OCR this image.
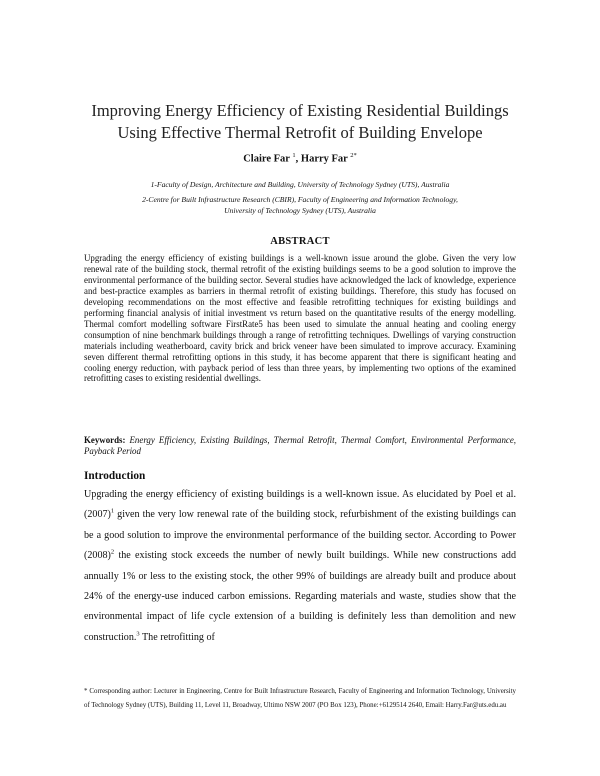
Improving Energy Efficiency of Existing Residential Buildings
Using Effective Thermal Retrofit of Building Envelope
Claire Far $^1$, Harry Far $^{2*}$
1-Faculty of Design, Architecture and Building, University of Technology Sydney (UTS), Australia
2-Centre for Built Infrastructure Research (CBIR), Faculty of Engineering and Information Technology,
University of Technology Sydney (UTS), Australia
ABSTRACT
Upgrading the energy efficiency of existing buildings is a well-known issue around the globe. Given the very low renewal rate of the building stock, thermal retrofit of the existing buildings seems to be a good solution to improve the environmental performance of the building sector. Several studies have acknowledged the lack of knowledge, experience and best-practice examples as barriers in thermal retrofit of existing buildings. Therefore, this study has focused on developing recommendations on the most effective and feasible retrofitting techniques for existing buildings and performing financial analysis of initial investment vs return based on the quantitative results of the energy modelling. Thermal comfort modelling software FirstRate5 has been used to simulate the annual heating and cooling energy consumption of nine benchmark buildings through a range of retrofitting techniques. Dwellings of varying construction materials including weatherboard, cavity brick and brick veneer have been simulated to improve accuracy. Examining seven different thermal retrofitting options in this study, it has become apparent that there is significant heating and cooling energy reduction, with payback period of less than three years, by implementing two options of the examined retrofitting cases to existing residential dwellings.
Keywords: Energy Efficiency, Existing Buildings, Thermal Retrofit, Thermal Comfort, Environmental Performance, Payback Period
Introduction
Upgrading the energy efficiency of existing buildings is a well-known issue. As elucidated by Poel et al. $(2007)^1$ given the very low renewal rate of the building stock, refurbishment of the existing buildings can be a good solution to improve the environmental performance of the building sector. According to Power $(2008)^2$ the existing stock exceeds the number of newly built buildings. While new constructions add annually 1% or less to the existing stock, the other 99% of buildings are already built and produce about 24% of the energy-use induced carbon emissions. Regarding materials and waste, studies show that the environmental impact of life cycle extension of a building is definitely less than demolition and new construction.$^3$ The retrofitting of
* Corresponding author: Lecturer in Engineering, Centre for Built Infrastructure Research, Faculty of Engineering and Information Technology, University of Technology Sydney (UTS), Building 11, Level 11, Broadway, Ultimo NSW 2007 (PO Box 123), Phone:+6129514 2640, Email: Harry.Far@uts.edu.au
